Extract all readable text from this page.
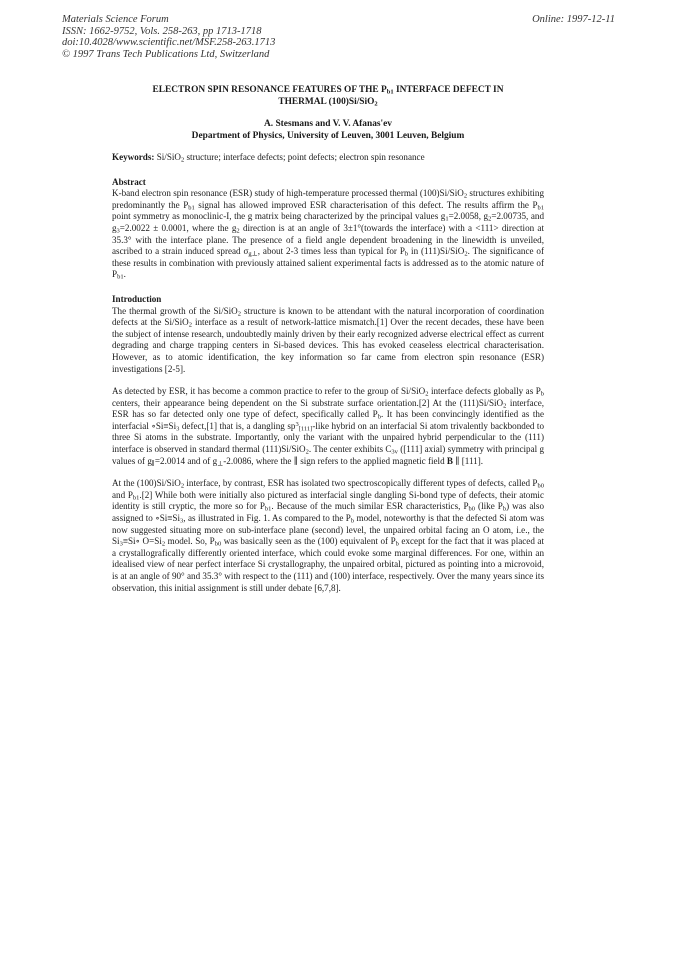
Materials Science Forum
ISSN: 1662-9752, Vols. 258-263, pp 1713-1718
doi:10.4028/www.scientific.net/MSF.258-263.1713
© 1997 Trans Tech Publications Ltd, Switzerland
Online: 1997-12-11
ELECTRON SPIN RESONANCE FEATURES OF THE $P_{b1}$ INTERFACE DEFECT IN
THERMAL (100)Si/SiO$_2$
A. Stesmans and V. V. Afanas'ev
Department of Physics, University of Leuven, 3001 Leuven, Belgium

Keywords: Si/SiO$_2$ structure; interface defects; point defects; electron spin resonance

Abstract

K-band electron spin resonance (ESR) study of high-temperature processed thermal (100)Si/SiO$_2$ structures exhibiting predominantly the $P_{b1}$ signal has allowed improved ESR characterisation of this defect. The results affirm the $P_{b1}$ point symmetry as monoclinic-I, the g matrix being characterized by the principal values $g_1=2.0058$, $g_2=2.00735$, and $g_3=2.0022 \pm 0.0001$, where the $g_2$ direction is at an angle of 3±1°(towards the interface) with a <111> direction at 35.3° with the interface plane. The presence of a field angle dependent broadening in the linewidth is unveiled, ascribed to a strain induced spread $\sigma_{g\perp}$, about 2-3 times less than typical for $P_b$ in (111)Si/SiO$_2$. The significance of these results in combination with previously attained salient experimental facts is addressed as to the atomic nature of $P_{b1}$.

Introduction

The thermal growth of the Si/SiO$_2$ structure is known to be attendant with the natural incorporation of coordination defects at the Si/SiO$_2$ interface as a result of network-lattice mismatch.[1] Over the recent decades, these have been the subject of intense research, undoubtedly mainly driven by their early recognized adverse electrical effect as current degrading and charge trapping centers in Si-based devices. This has evoked ceaseless electrical characterisation. However, as to atomic identification, the key information so far came from electron spin resonance (ESR) investigations [2-5].

As detected by ESR, it has become a common practice to refer to the group of Si/SiO$_2$ interface defects globally as $P_b$ centers, their appearance being dependent on the Si substrate surface orientation.[2] At the (111)Si/SiO$_2$ interface, ESR has so far detected only one type of defect, specifically called $P_b$. It has been convincingly identified as the interfacial $\circ Si\equiv Si_3$ defect,[1] that is, a dangling $sp^3_{[111]}$-like hybrid on an interfacial Si atom trivalently backbonded to three Si atoms in the substrate. Importantly, only the variant with the unpaired hybrid perpendicular to the (111) interface is observed in standard thermal (111)Si/SiO$_2$. The center exhibits $C_{3v}$ ([111] axial) symmetry with principal g values of $g_\parallel=2.0014$ and of $g_\perp-2.0086$, where the ∥ sign refers to the applied magnetic field B ∥ [111].

At the (100)Si/SiO$_2$ interface, by contrast, ESR has isolated two spectroscopically different types of defects, called $P_{b0}$ and $P_{b1}.[2]$ While both were initially also pictured as interfacial single dangling Si-bond type of defects, their atomic identity is still cryptic, the more so for $P_{b1}$. Because of the much similar ESR characteristics, $P_{b0}$ (like $P_b$) was also assigned to $\circ Si\equiv Si_3$, as illustrated in Fig. 1. As compared to the $P_b$ model, noteworthy is that the defected Si atom was now suggested situating more on sub-interface plane (second) level, the unpaired orbital facing an O atom, i.e., the $Si_3\equiv Si\circ$ $O=Si_2$ model. So, $P_{b0}$ was basically seen as the (100) equivalent of $P_b$ except for the fact that it was placed at a crystallografically differently oriented interface, which could evoke some marginal differences. For one, within an idealised view of near perfect interface Si crystallography, the unpaired orbital, pictured as pointing into a microvoid, is at an angle of 90° and 35.3° with respect to the (111) and (100) interface, respectively. Over the many years since its observation, this initial assignment is still under debate [6,7,8].
